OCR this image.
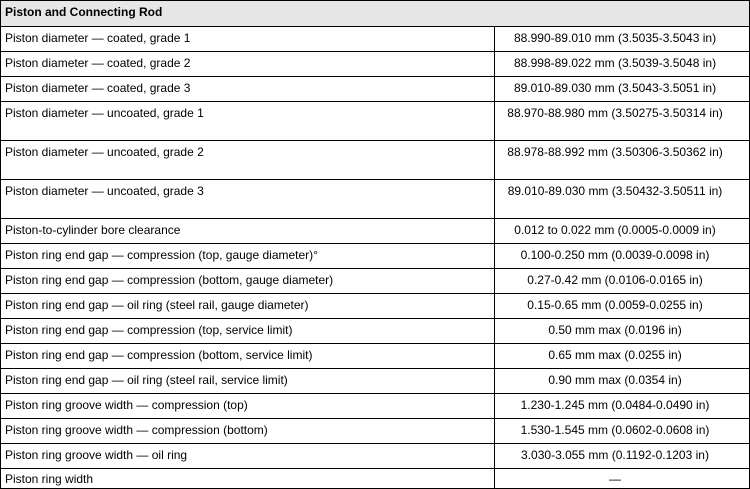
Piston and Connecting Rod	
Piston diameter — coated, grade 1	88.990-89.010 mm (3.5035-3.5043 in)
Piston diameter — coated, grade 2	88.998-89.022 mm (3.5039-3.5048 in)
Piston diameter — coated, grade 3	89.010-89.030 mm (3.5043-3.5051 in)
Piston diameter — uncoated, grade 1	88.970-88.980 mm (3.50275-3.50314 in)
Piston diameter — uncoated, grade 2	88.978-88.992 mm (3.50306-3.50362 in)
Piston diameter — uncoated, grade 3	89.010-89.030 mm (3.50432-3.50511 in)
Piston-to-cylinder bore clearance	0.012 to 0.022 mm (0.0005-0.0009 in)
Piston ring end gap — compression (top, gauge diameter)°	0.100-0.250 mm (0.0039-0.0098 in)
Piston ring end gap — compression (bottom, gauge diameter)	0.27-0.42 mm (0.0106-0.0165 in)
Piston ring end gap — oil ring (steel rail, gauge diameter)	0.15-0.65 mm (0.0059-0.0255 in)
Piston ring end gap — compression (top, service limit)	0.50 mm max (0.0196 in)
Piston ring end gap — compression (bottom, service limit)	0.65 mm max (0.0255 in)
Piston ring end gap — oil ring (steel rail, service limit)	0.90 mm max (0.0354 in)
Piston ring groove width — compression (top)	1.230-1.245 mm (0.0484-0.0490 in)
Piston ring groove width — compression (bottom)	1.530-1.545 mm (0.0602-0.0608 in)
Piston ring groove width — oil ring	3.030-3.055 mm (0.1192-0.1203 in)
Piston ring width	—
